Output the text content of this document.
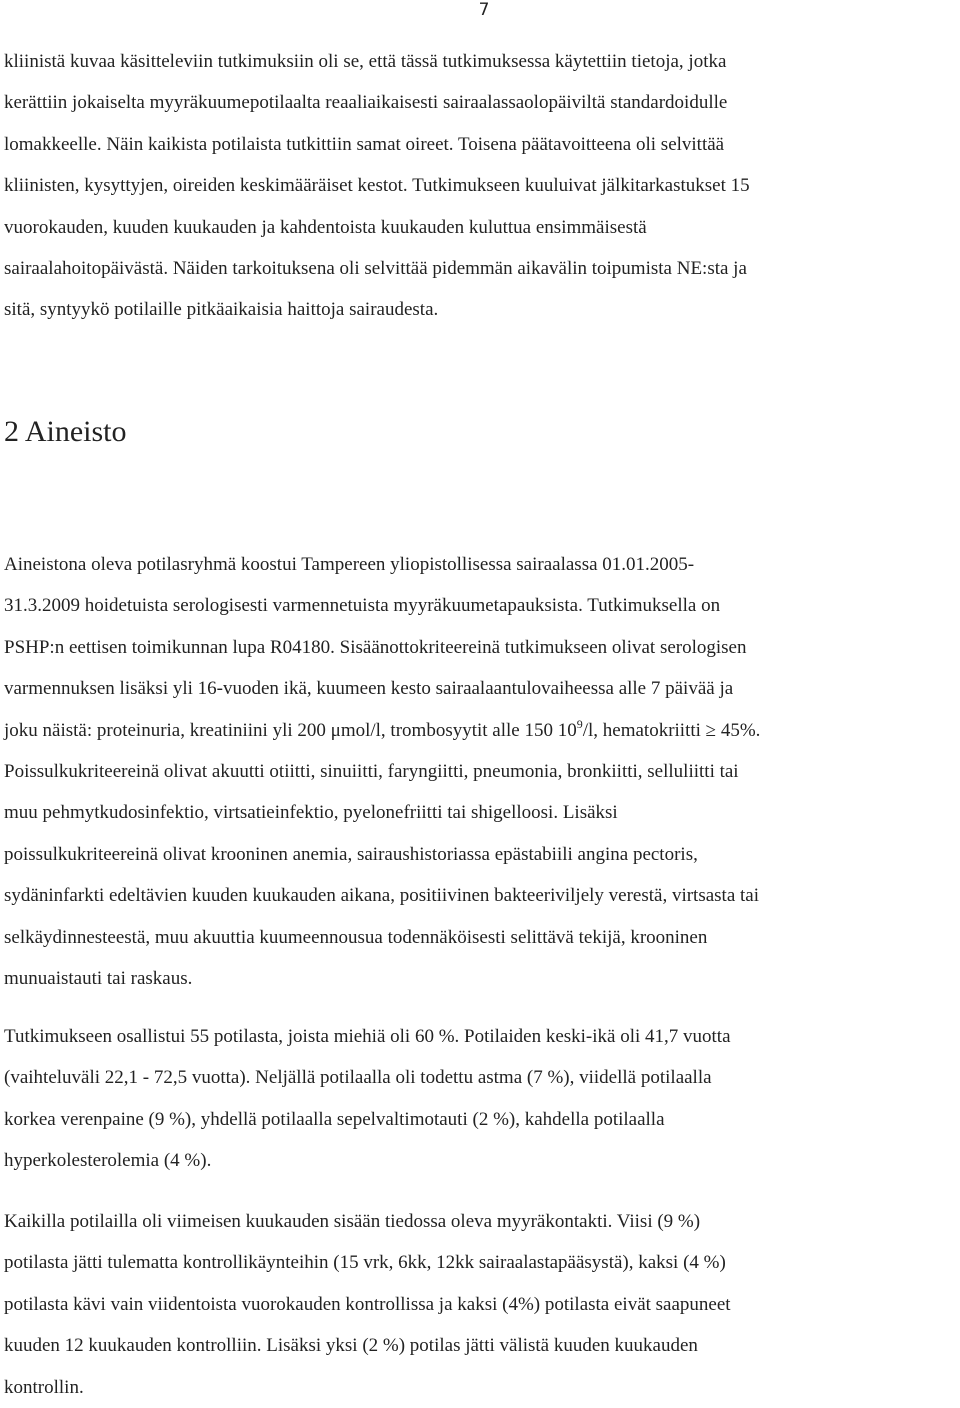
7
kliinistä kuvaa käsitteleviin tutkimuksiin oli se, että tässä tutkimuksessa käytettiin tietoja, jotka
kerättiin jokaiselta myyräkuumepotilaalta reaaliaikaisesti sairaalassaolopäiviltä standardoidulle
lomakkeelle. Näin kaikista potilaista tutkittiin samat oireet. Toisena päätavoitteena oli selvittää
kliinisten, kysyttyjen, oireiden keskimääräiset kestot. Tutkimukseen kuuluivat jälkitarkastukset 15
vuorokauden, kuuden kuukauden ja kahdentoista kuukauden kuluttua ensimmäisestä
sairaalahoitopäivästä. Näiden tarkoituksena oli selvittää pidemmän aikavälin toipumista NE:sta ja
sitä, syntyykö potilaille pitkäaikaisia haittoja sairaudesta.
2 Aineisto
Aineistona oleva potilasryhmä koostui Tampereen yliopistollisessa sairaalassa 01.01.2005-
31.3.2009 hoidetuista serologisesti varmennetuista myyräkuumetapauksista. Tutkimuksella on
PSHP:n eettisen toimikunnan lupa R04180. Sisäänottokriteereinä tutkimukseen olivat serologisen
varmennuksen lisäksi yli 16-vuoden ikä, kuumeen kesto sairaalaantulovaiheessa alle 7 päivää ja
joku näistä: proteinuria, kreatiniini yli 200 μmol/l, trombosyytit alle 150 $10^9/l$, hematokriitti ≥ 45%.
Poissulkukriteereinä olivat akuutti otiitti, sinuiitti, faryngiitti, pneumonia, bronkiitti, selluliitti tai
muu pehmytkudosinfektio, virtsatieinfektio, pyelonefriitti tai shigelloosi. Lisäksi
poissulkukriteereinä olivat krooninen anemia, sairaushistoriassa epästabiili angina pectoris,
sydäninfarkti edeltävien kuuden kuukauden aikana, positiivinen bakteeriviljely verestä, virtsasta tai
selkäydinnesteestä, muu akuuttia kuumeennousua todennäköisesti selittävä tekijä, krooninen
munuaistauti tai raskaus.
Tutkimukseen osallistui 55 potilasta, joista miehiä oli 60 %. Potilaiden keski-ikä oli 41,7 vuotta
(vaihteluväli 22,1 - 72,5 vuotta). Neljällä potilaalla oli todettu astma (7 %), viidellä potilaalla
korkea verenpaine (9 %), yhdellä potilaalla sepelvaltimotauti (2 %), kahdella potilaalla
hyperkolesterolemia (4 %).
Kaikilla potilailla oli viimeisen kuukauden sisään tiedossa oleva myyräkontakti. Viisi (9 %)
potilasta jätti tulematta kontrollikäynteihin (15 vrk, 6kk, 12kk sairaalastapääsystä), kaksi (4 %)
potilasta kävi vain viidentoista vuorokauden kontrollissa ja kaksi (4%) potilasta eivät saapuneet
kuuden 12 kuukauden kontrolliin. Lisäksi yksi (2 %) potilas jätti välistä kuuden kuukauden
kontrollin.
